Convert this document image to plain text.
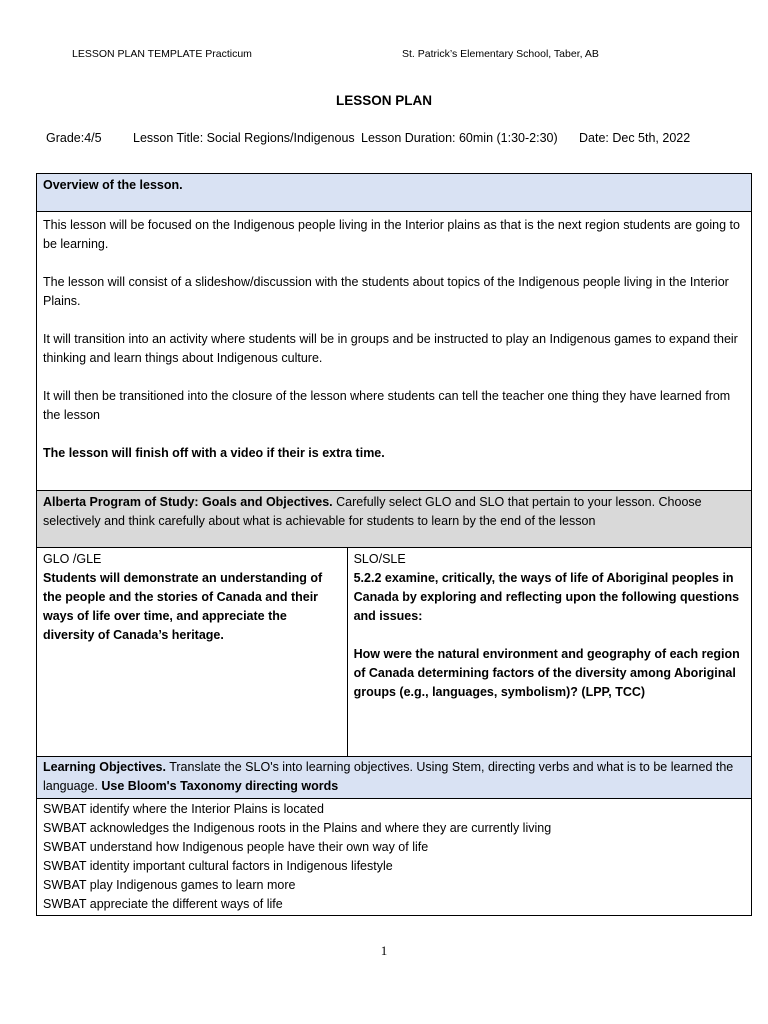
LESSON PLAN TEMPLATE Practicum	St. Patrick’s Elementary School, Taber, AB
LESSON PLAN
Grade:4/5	Lesson Title: Social Regions/Indigenous Lesson Duration: 60min (1:30-2:30) Date: Dec 5th, 2022
Overview of the lesson.

This lesson will be focused on the Indigenous people living in the Interior plains as that is the next region students are going to be learning.

The lesson will consist of a slideshow/discussion with the students about topics of the Indigenous people living in the Interior Plains.

It will transition into an activity where students will be in groups and be instructed to play an Indigenous games to expand their thinking and learn things about Indigenous culture.

It will then be transitioned into the closure of the lesson where students can tell the teacher one thing they have learned from the lesson

The lesson will finish off with a video if their is extra time.

Alberta Program of Study: Goals and Objectives. Carefully select GLO and SLO that pertain to your lesson. Choose selectively and think carefully about what is achievable for students to learn by the end of the lesson

GLO /GLE

Students will demonstrate an understanding of the people and the stories of Canada and their ways of life over time, and appreciate the diversity of Canada’s heritage.

SLO/SLE

5.2.2 examine, critically, the ways of life of Aboriginal peoples in Canada by exploring and reflecting upon the following questions and issues:

How were the natural environment and geography of each region of Canada determining factors of the diversity among Aboriginal groups (e.g., languages, symbolism)? (LPP, TCC)

Learning Objectives. Translate the SLO's into learning objectives. Using Stem, directing verbs and what is to be learned the language. Use Bloom's Taxonomy directing words

SWBAT identify where the Interior Plains is located

SWBAT acknowledges the Indigenous roots in the Plains and where they are currently living

SWBAT understand how Indigenous people have their own way of life

SWBAT identity important cultural factors in Indigenous lifestyle

SWBAT play Indigenous games to learn more

SWBAT appreciate the different ways of life

1
